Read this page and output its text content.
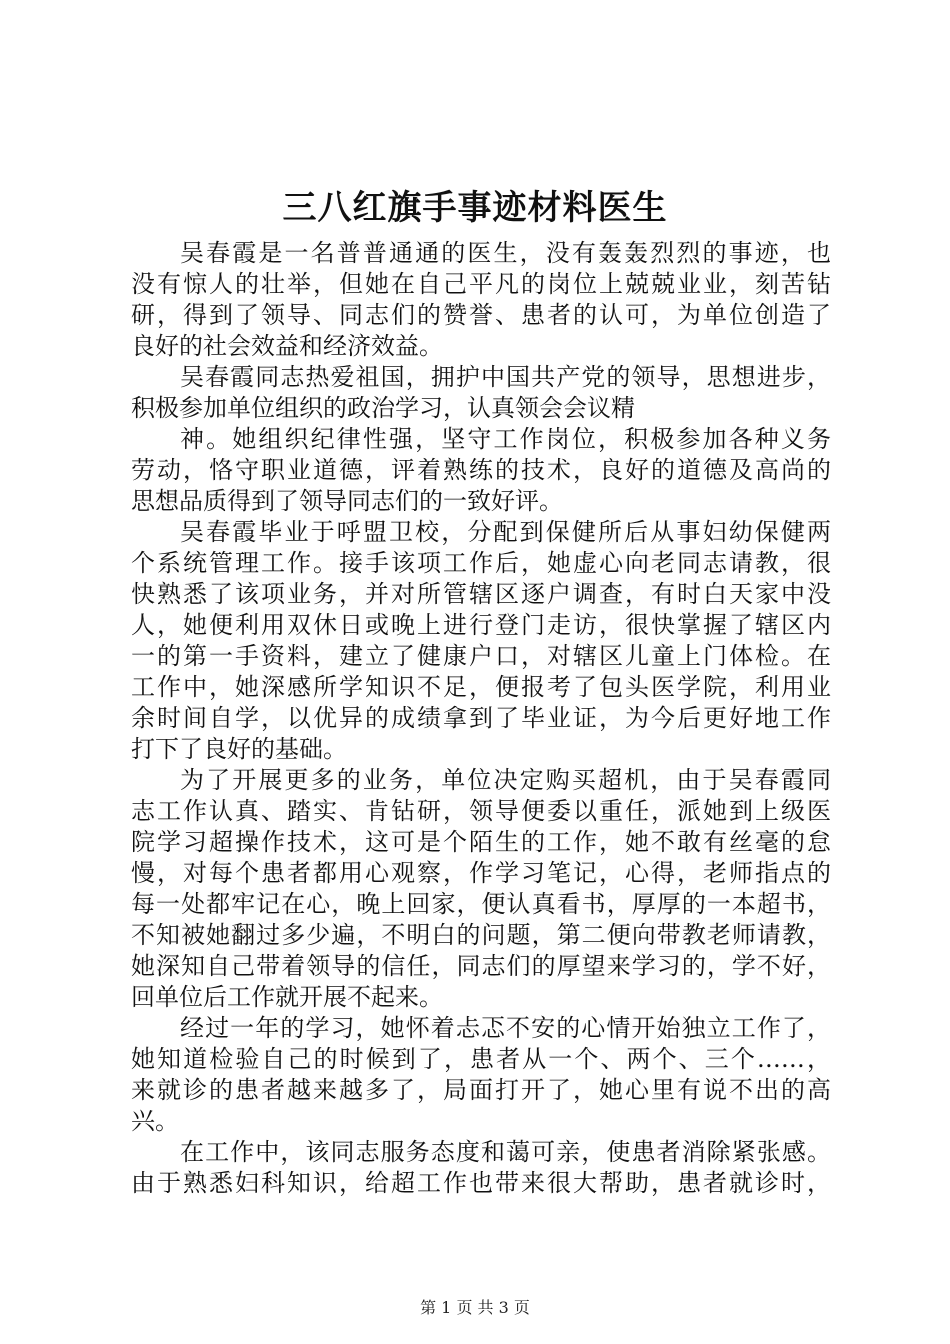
三八红旗手事迹材料医生
吴春霞是一名普普通通的医生，没有轰轰烈烈的事迹，也
没有惊人的壮举，但她在自己平凡的岗位上兢兢业业，刻苦钻
研，得到了领导、同志们的赞誉、患者的认可，为单位创造了
良好的社会效益和经济效益。
吴春霞同志热爱祖国，拥护中国共产党的领导，思想进步，
积极参加单位组织的政治学习，认真领会会议精
神。她组织纪律性强，坚守工作岗位，积极参加各种义务
劳动，恪守职业道德，评着熟练的技术，良好的道德及高尚的
思想品质得到了领导同志们的一致好评。
吴春霞毕业于呼盟卫校，分配到保健所后从事妇幼保健两
个系统管理工作。接手该项工作后，她虚心向老同志请教，很
快熟悉了该项业务，并对所管辖区逐户调查，有时白天家中没
人，她便利用双休日或晚上进行登门走访，很快掌握了辖区内
一的第一手资料，建立了健康户口，对辖区儿童上门体检。在
工作中，她深感所学知识不足，便报考了包头医学院，利用业
余时间自学，以优异的成绩拿到了毕业证，为今后更好地工作
打下了良好的基础。
为了开展更多的业务，单位决定购买超机，由于吴春霞同
志工作认真、踏实、肯钻研，领导便委以重任，派她到上级医
院学习超操作技术，这可是个陌生的工作，她不敢有丝毫的怠
慢，对每个患者都用心观察，作学习笔记，心得，老师指点的
每一处都牢记在心，晚上回家，便认真看书，厚厚的一本超书，
不知被她翻过多少遍，不明白的问题，第二便向带教老师请教，
她深知自己带着领导的信任，同志们的厚望来学习的，学不好，
回单位后工作就开展不起来。
经过一年的学习，她怀着忐忑不安的心情开始独立工作了，
她知道检验自己的时候到了，患者从一个、两个、三个……，
来就诊的患者越来越多了，局面打开了，她心里有说不出的高
兴。
在工作中，该同志服务态度和蔼可亲，使患者消除紧张感。
由于熟悉妇科知识，给超工作也带来很大帮助，患者就诊时，
第 1 页 共 3 页
